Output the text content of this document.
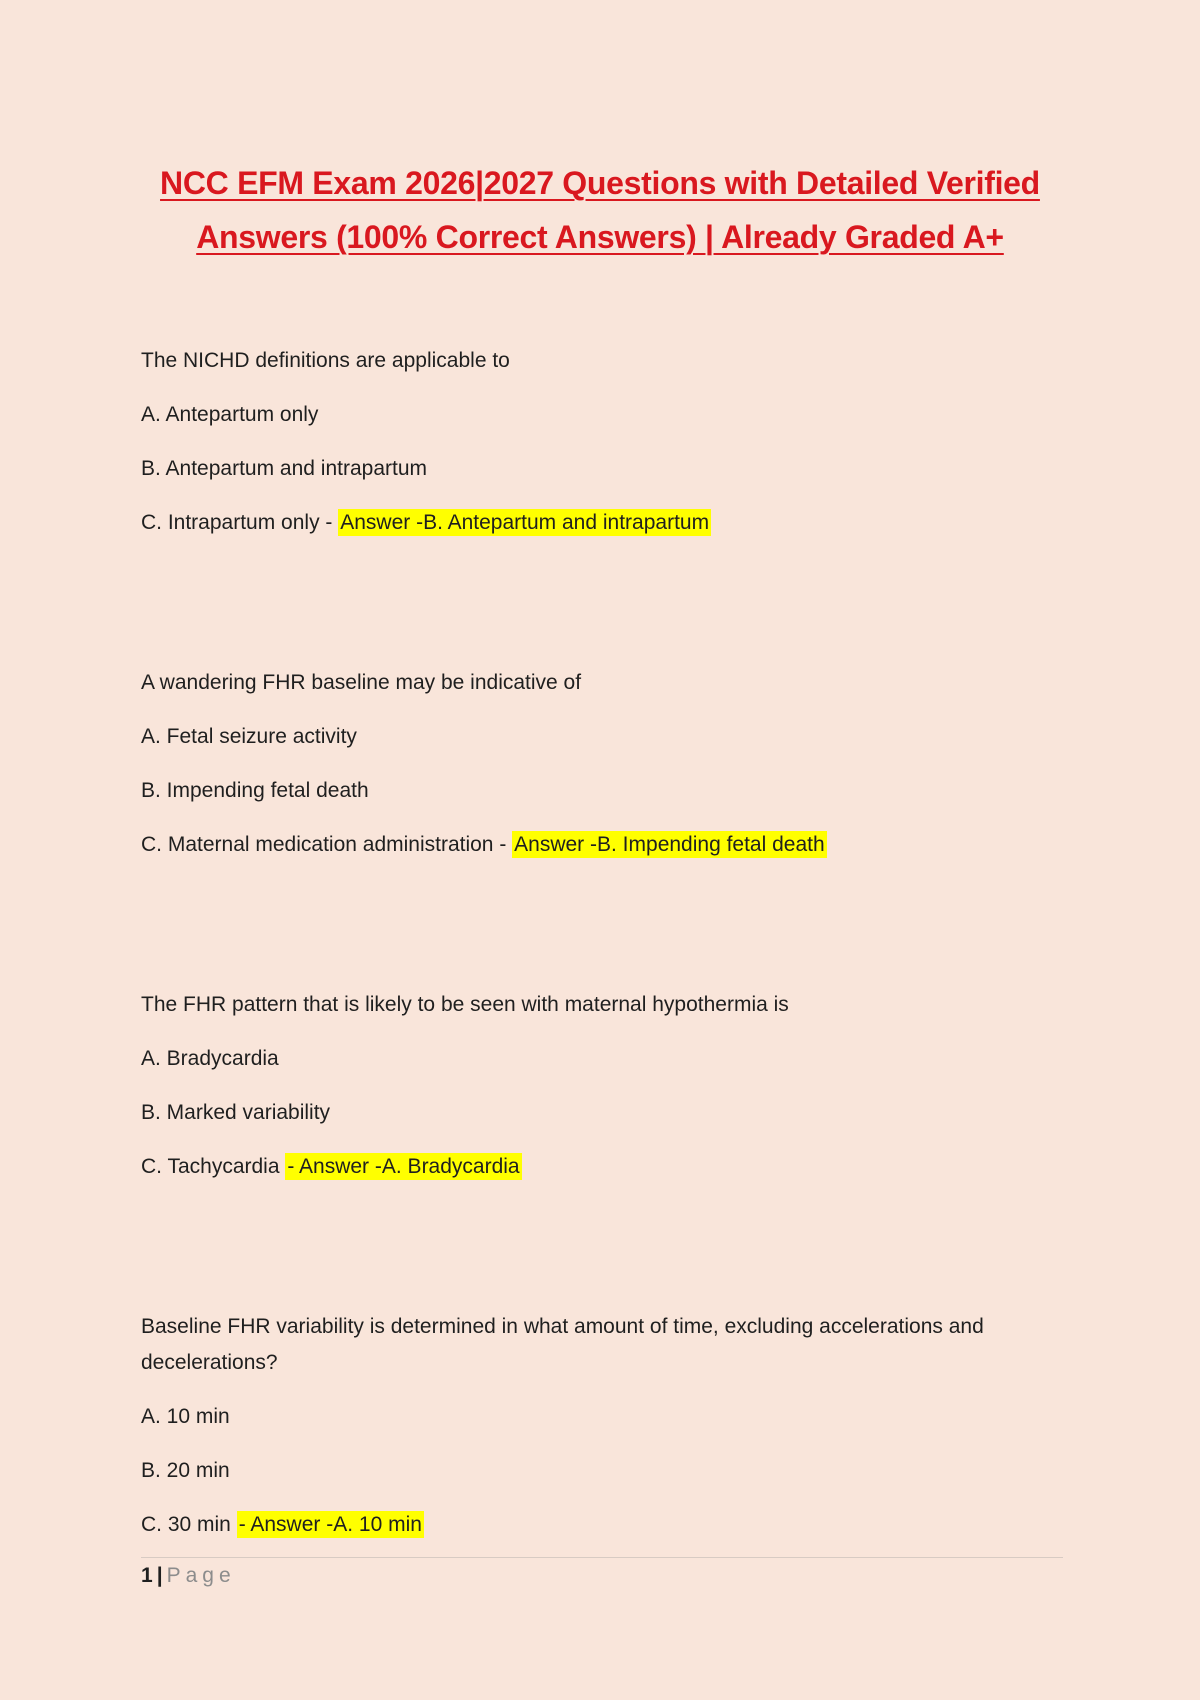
NCC EFM Exam 2026|2027 Questions with Detailed Verified
Answers (100% Correct Answers) | Already Graded A+

The NICHD definitions are applicable to

A. Antepartum only

B. Antepartum and intrapartum

C. Intrapartum only - Answer -B. Antepartum and intrapartum

A wandering FHR baseline may be indicative of

A. Fetal seizure activity

B. Impending fetal death

C. Maternal medication administration - Answer -B. Impending fetal death

The FHR pattern that is likely to be seen with maternal hypothermia is

A. Bradycardia

B. Marked variability

C. Tachycardia - Answer -A. Bradycardia

Baseline FHR variability is determined in what amount of time, excluding accelerations and decelerations?

A. 10 min

B. 20 min

C. 30 min - Answer -A. 10 min

1 | Page
